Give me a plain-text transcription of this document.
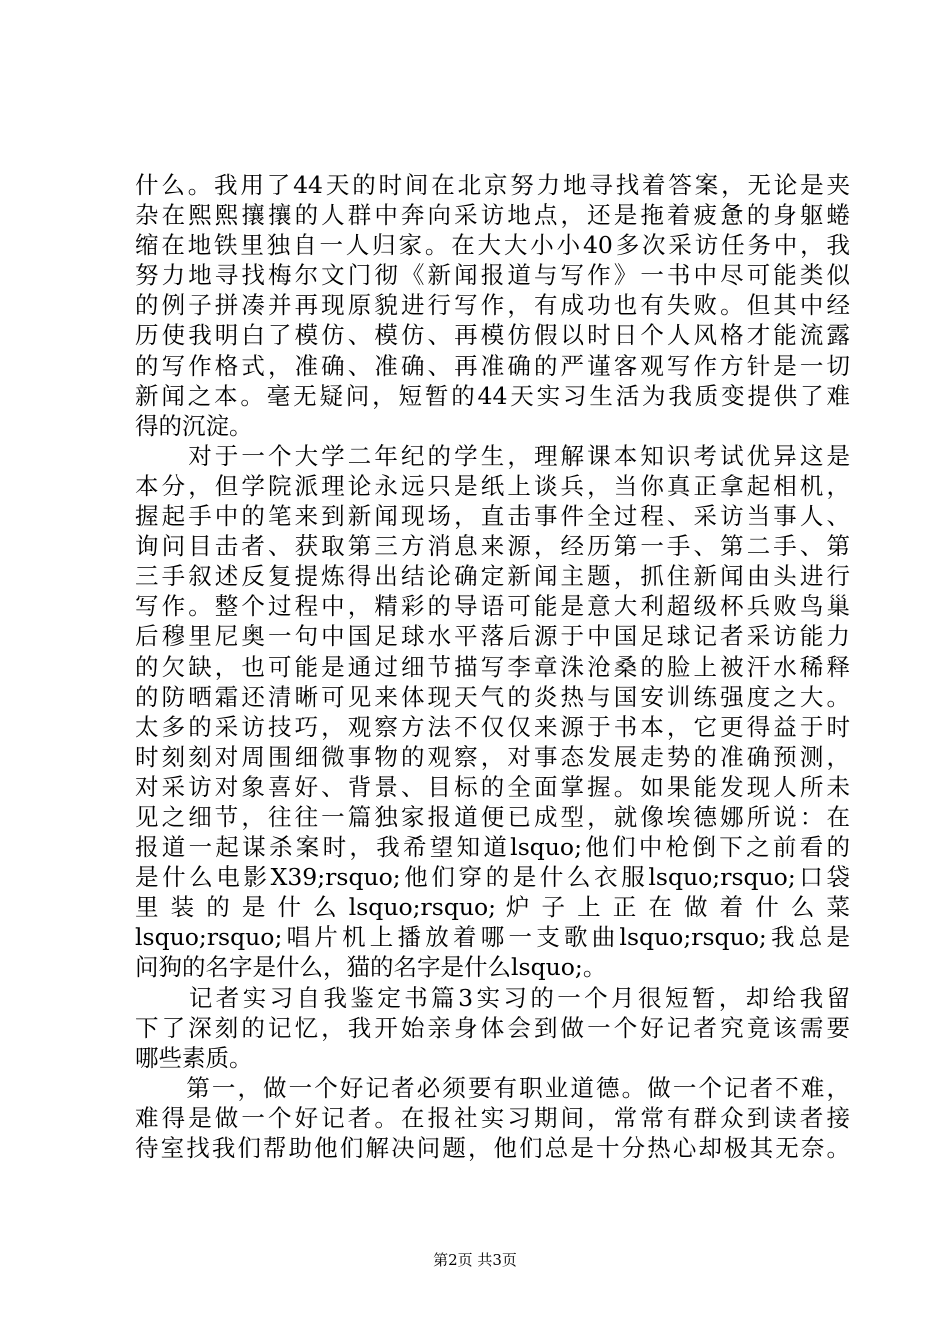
什么。我用了44天的时间在北京努力地寻找着答案，无论是夹
杂在熙熙攘攘的人群中奔向采访地点，还是拖着疲惫的身躯蜷
缩在地铁里独自一人归家。在大大小小40多次采访任务中，我
努力地寻找梅尔文门彻《新闻报道与写作》一书中尽可能类似
的例子拼凑并再现原貌进行写作，有成功也有失败。但其中经
历使我明白了模仿、模仿、再模仿假以时日个人风格才能流露
的写作格式，准确、准确、再准确的严谨客观写作方针是一切
新闻之本。毫无疑问，短暂的44天实习生活为我质变提供了难
得的沉淀。
　　对于一个大学二年纪的学生，理解课本知识考试优异这是
本分，但学院派理论永远只是纸上谈兵，当你真正拿起相机，
握起手中的笔来到新闻现场，直击事件全过程、采访当事人、
询问目击者、获取第三方消息来源，经历第一手、第二手、第
三手叙述反复提炼得出结论确定新闻主题，抓住新闻由头进行
写作。整个过程中，精彩的导语可能是意大利超级杯兵败鸟巢
后穆里尼奥一句中国足球水平落后源于中国足球记者采访能力
的欠缺，也可能是通过细节描写李章洙沧桑的脸上被汗水稀释
的防晒霜还清晰可见来体现天气的炎热与国安训练强度之大。
太多的采访技巧，观察方法不仅仅来源于书本，它更得益于时
时刻刻对周围细微事物的观察，对事态发展走势的准确预测，
对采访对象喜好、背景、目标的全面掌握。如果能发现人所未
见之细节，往往一篇独家报道便已成型，就像埃德娜所说：在
报道一起谋杀案时，我希望知道lsquo;他们中枪倒下之前看的
是什么电影X39;rsquo;他们穿的是什么衣服lsquo;rsquo;口袋
里 装 的 是 什 么 lsquo;rsquo; 炉 子 上 正 在 做 着 什 么 菜
lsquo;rsquo;唱片机上播放着哪一支歌曲lsquo;rsquo;我总是
问狗的名字是什么，猫的名字是什么lsquo;。
　　记者实习自我鉴定书篇3实习的一个月很短暂，却给我留
下了深刻的记忆，我开始亲身体会到做一个好记者究竟该需要
哪些素质。
　　第一，做一个好记者必须要有职业道德。做一个记者不难，
难得是做一个好记者。在报社实习期间，常常有群众到读者接
待室找我们帮助他们解决问题，他们总是十分热心却极其无奈。
第2页 共3页
